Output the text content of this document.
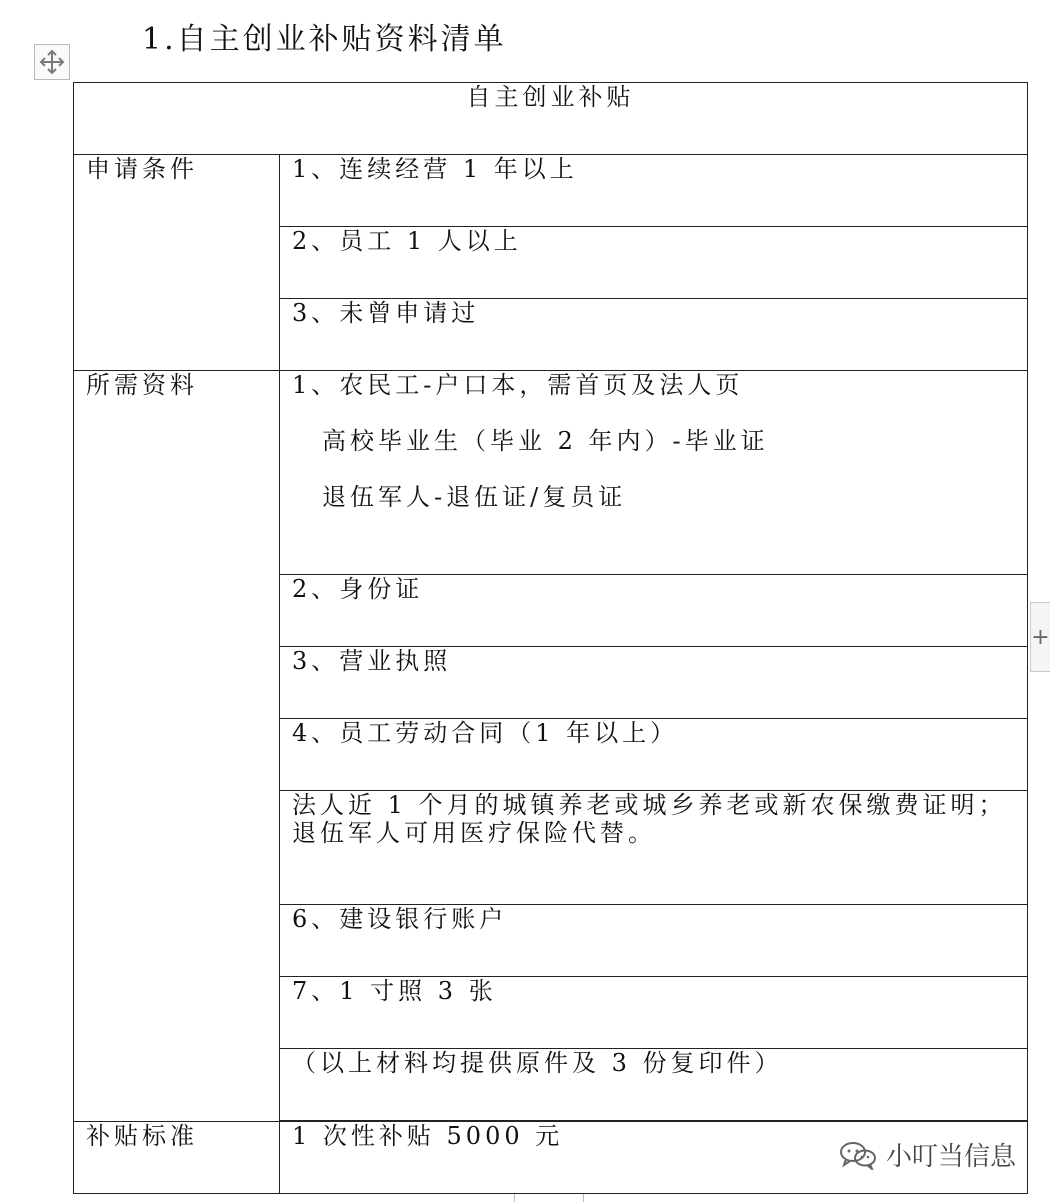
1.自主创业补贴资料清单
自主创业补贴	
申请条件	1、连续经营 1 年以上
	2、员工 1 人以上
	3、未曾申请过
所需资料	1、农民工-户口本，需首页及法人页
高校毕业生（毕业 2 年内）-毕业证
退伍军人-退伍证/复员证

	2、身份证
	3、营业执照
	4、员工劳动合同（1 年以上）

	法人近 1 个月的城镇养老或城乡养老或新农保缴费证明；
退伍军人可用医疗保险代替。

	6、建设银行账户
	7、1 寸照 3 张
	（以上材料均提供原件及 3 份复印件）

补贴标准	1 次性补贴 5000 元
+
小叮当信息
